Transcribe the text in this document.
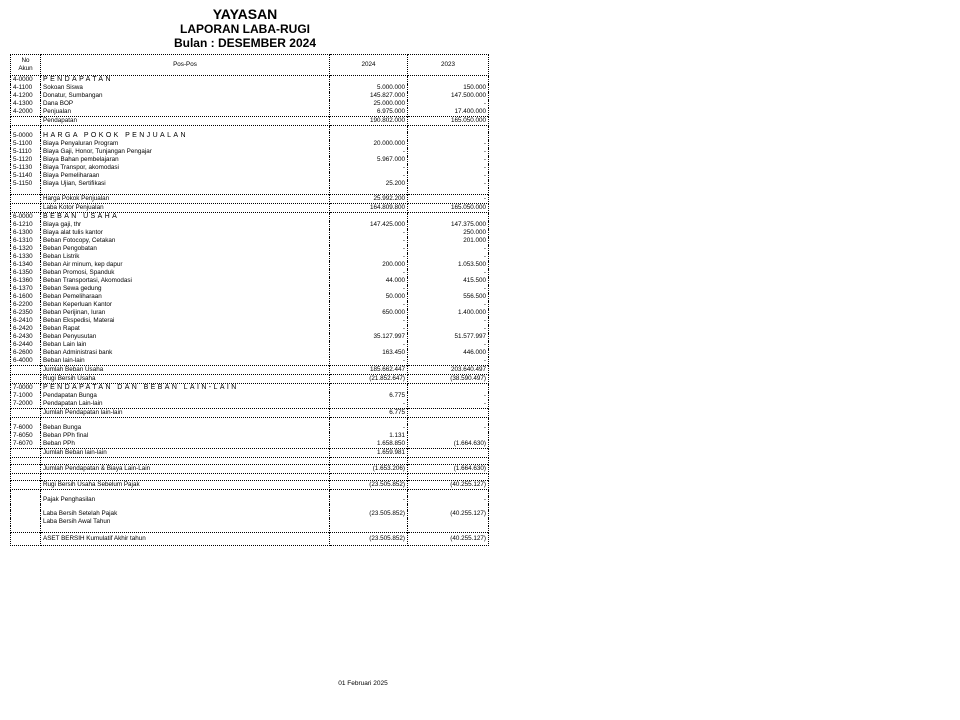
YAYASAN
LAPORAN LABA-RUGI
Bulan : DESEMBER 2024
No
Akun	Pos-Pos	2024	2023
4-0000	PENDAPATAN		
4-1100	Sokoan Siswa	5.000.000	150.000
4-1200	Donatur, Sumbangan	145.827.000	147.500.000
4-1300	Dana BOP	25.000.000	-
4-2000	Penjualan	6.975.000	17.400.000
	Pendapatan	190.802.000	165.050.000

5-0000	HARGA POKOK PENJUALAN		
5-1100	Biaya Penyaluran Program	20.000.000	-
5-1110	Biaya Gaji, Honor, Tunjangan Pengajar	-	-
5-1120	Biaya Bahan pembelajaran	5.967.000	-
5-1130	Biaya Transpor, akomodasi	-	-
5-1140	Biaya Pemeliharaan	-	-
5-1150	Biaya Ujian, Sertifikasi	25.200	-

	Harga Pokok Penjualan	25.992.200	-
	Laba Kotor Penjualan	164.809.800	165.050.000
6-0000	BEBAN USAHA		
6-1210	Biaya gaji, thr	147.425.000	147.375.000
6-1300	Biaya alat tulis kantor	-	250.000
6-1310	Beban Fotocopy, Cetakan	-	201.000
6-1320	Beban Pengobatan	-	-
6-1330	Beban Listrik	-	-
6-1340	Beban Air minum, kep dapur	200.000	1.053.500
6-1350	Beban Promosi, Spanduk	-	-
6-1360	Beban Transportasi, Akomodasi	44.000	415.500
6-1370	Beban Sewa gedung	-	-
6-1600	Beban Pemeliharaan	50.000	556.500
6-2200	Beban Keperluan Kantor	-	-
6-2350	Beban Perijinan, Iuran	650.000	1.400.000
6-2410	Beban Ekspedisi, Materai	-	-
6-2420	Beban Rapat	-	-
6-2430	Beban Penyusutan	35.127.997	51.577.997
6-2440	Beban Lain lain	-	-
6-2600	Beban Administrasi bank	163.450	446.000
6-4000	Beban lain-lain	-	-
	Jumlah Beban Usaha	185.662.447	203.640.497
	Rugi Bersih Usaha	(21.852.647)	(38.590.497)
7-0000	PENDAPATAN DAN BEBAN LAIN-LAIN		
7-1000	Pendapatan Bunga	6.775	-
7-2000	Pendapatan Lain-lain	-	-
	Jumlah Pendapatan lain-lain	6.775	

7-6000	Beban Bunga	-	-
7-6050	Beban PPh final	1.131	
7-6070	Beban PPh	1.658.850	(1.664.630)
	Jumlah Beban lain-lain	1.659.981	

	Jumlah Pendapatan & Biaya Lain-Lain	(1.653.206)	(1.664.630)

	Rugi Bersih Usaha Sebelum Pajak	(23.505.852)	(40.255.127)

	Pajak Penghasilan	-	-

	Laba Bersih Setelah Pajak	(23.505.852)	(40.255.127)
	Laba Bersih Awal Tahun		

	ASET BERSIH Kumulatif Akhir tahun	(23.505.852)	(40.255.127)
01 Februari 2025
